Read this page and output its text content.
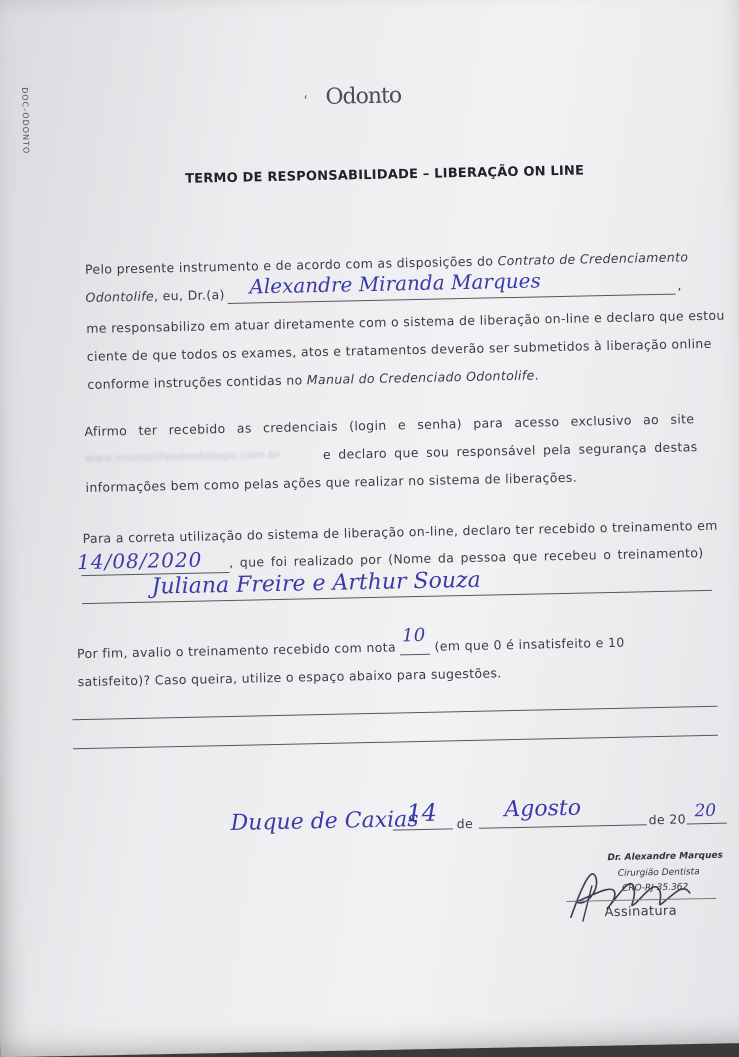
DOC-ODONTO	‘ Odonto
TERMO DE RESPONSABILIDADE – LIBERAÇÃO ON LINE
Pelo presente instrumento e de acordo com as disposições do Contrato de Credenciamento
Odontolife, eu, Dr.(a)
,
Alexandre Miranda Marques
me responsabilizo em atuar diretamente com o sistema de liberação on-line e declaro que estou
ciente de que todos os exames, atos e tratamentos deverão ser submetidos à liberação online
conforme instruções contidas no Manual do Credenciado Odontolife.
Afirmo ter recebido as credenciais (login e senha) para acesso exclusivo ao site
www.montolifeodontologo.com.br	e declaro que sou responsável pela segurança destas
informações bem como pelas ações que realizar no sistema de liberações.
Para a correta utilização do sistema de liberação on-line, declaro ter recebido o treinamento em
14/08/2020 , que foi realizado por (Nome da pessoa que recebeu o treinamento)
Juliana Freire e Arthur Souza
Por fim, avalio o treinamento recebido com nota
10 (em que 0 é insatisfeito e 10
satisfeito)? Caso queira, utilize o espaço abaixo para sugestões.
Duque de Caxias
14 de
Agosto	de 20 20
Dr. Alexandre Marques
Cirurgião Dentista
CRO-RJ 35.362
Assinatura
